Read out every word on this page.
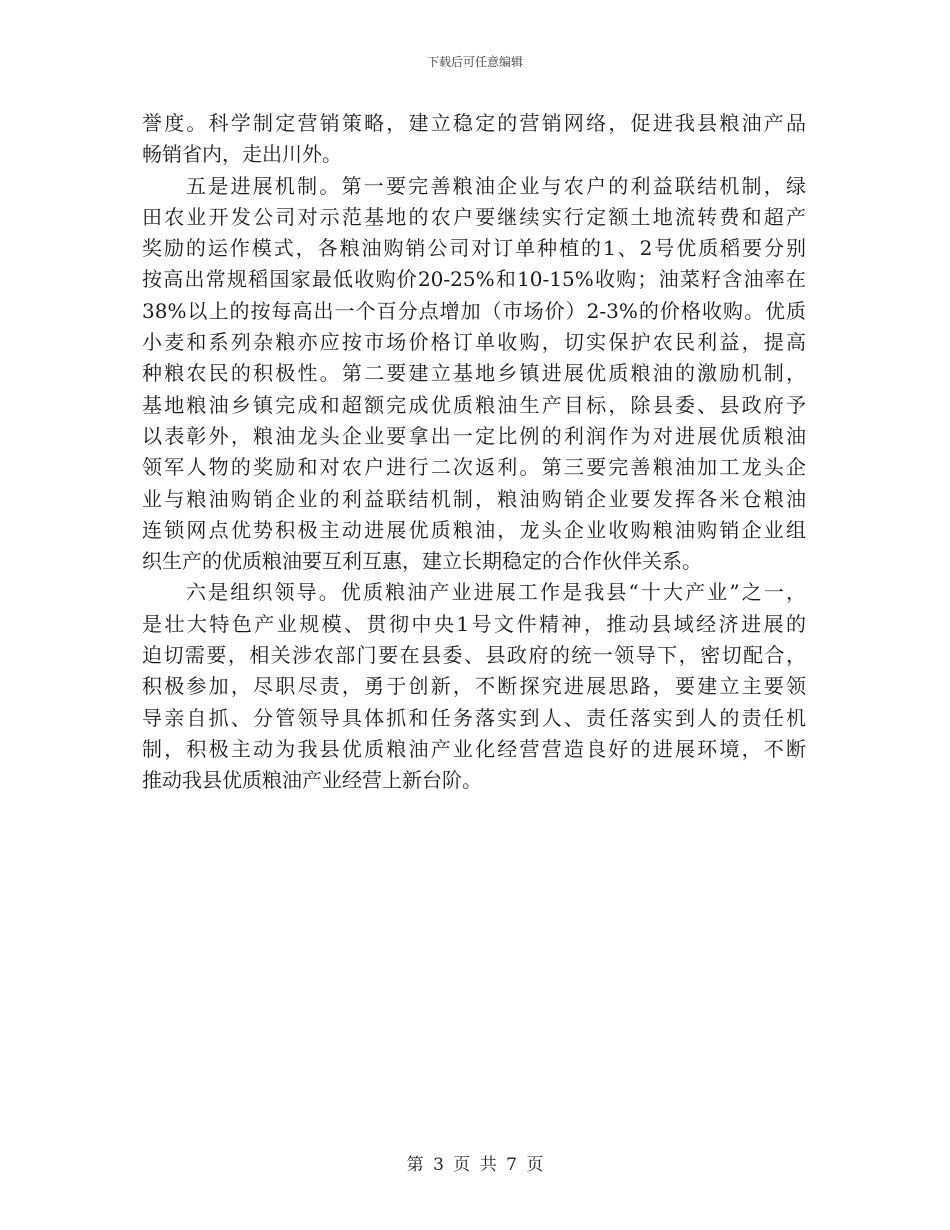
下载后可任意编辑
誉度。科学制定营销策略，建立稳定的营销网络，促进我县粮油产品
畅销省内，走出川外。
五是进展机制。第一要完善粮油企业与农户的利益联结机制，绿
田农业开发公司对示范基地的农户要继续实行定额土地流转费和超产
奖励的运作模式，各粮油购销公司对订单种植的1、2号优质稻要分别
按高出常规稻国家最低收购价20-25%和10-15%收购；油菜籽含油率在
38%以上的按每高出一个百分点增加（市场价）2-3%的价格收购。优质
小麦和系列杂粮亦应按市场价格订单收购，切实保护农民利益，提高
种粮农民的积极性。第二要建立基地乡镇进展优质粮油的激励机制，
基地粮油乡镇完成和超额完成优质粮油生产目标，除县委、县政府予
以表彰外，粮油龙头企业要拿出一定比例的利润作为对进展优质粮油
领军人物的奖励和对农户进行二次返利。第三要完善粮油加工龙头企
业与粮油购销企业的利益联结机制，粮油购销企业要发挥各米仓粮油
连锁网点优势积极主动进展优质粮油，龙头企业收购粮油购销企业组
织生产的优质粮油要互利互惠，建立长期稳定的合作伙伴关系。
六是组织领导。优质粮油产业进展工作是我县“十大产业”之一，
是壮大特色产业规模、贯彻中央1号文件精神，推动县域经济进展的
迫切需要，相关涉农部门要在县委、县政府的统一领导下，密切配合，
积极参加，尽职尽责，勇于创新，不断探究进展思路，要建立主要领
导亲自抓、分管领导具体抓和任务落实到人、责任落实到人的责任机
制，积极主动为我县优质粮油产业化经营营造良好的进展环境，不断
推动我县优质粮油产业经营上新台阶。
第 3 页 共 7 页
